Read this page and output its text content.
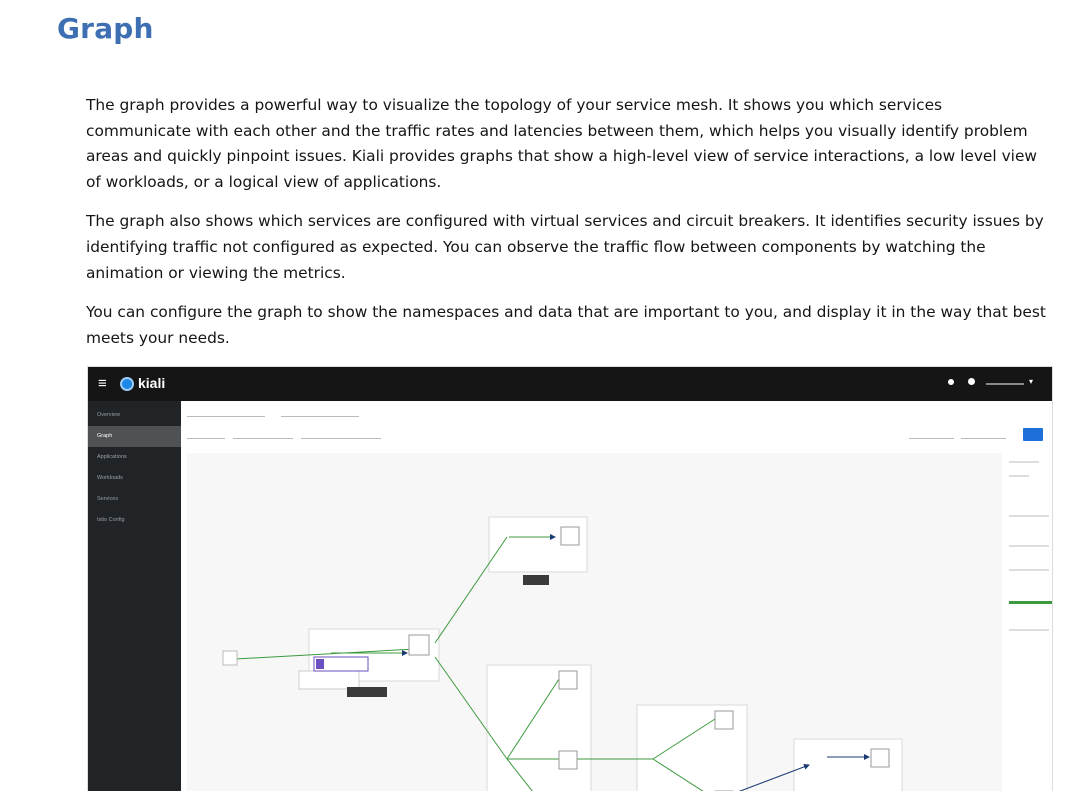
Graph

The graph provides a powerful way to visualize the topology of your service mesh. It shows you which services communicate with each other and the traffic rates and latencies between them, which helps you visually identify problem areas and quickly pinpoint issues. Kiali provides graphs that show a high-level view of service interactions, a low level view of workloads, or a logical view of applications.

The graph also shows which services are configured with virtual services and circuit breakers. It identifies security issues by identifying traffic not configured as expected. You can observe the traffic flow between components by watching the animation or viewing the metrics.

You can configure the graph to show the namespaces and data that are important to you, and display it in the way that best meets your needs.

≡ kiali	▾
Overview
Graph
Applications
Workloads
Services
Istio Config
